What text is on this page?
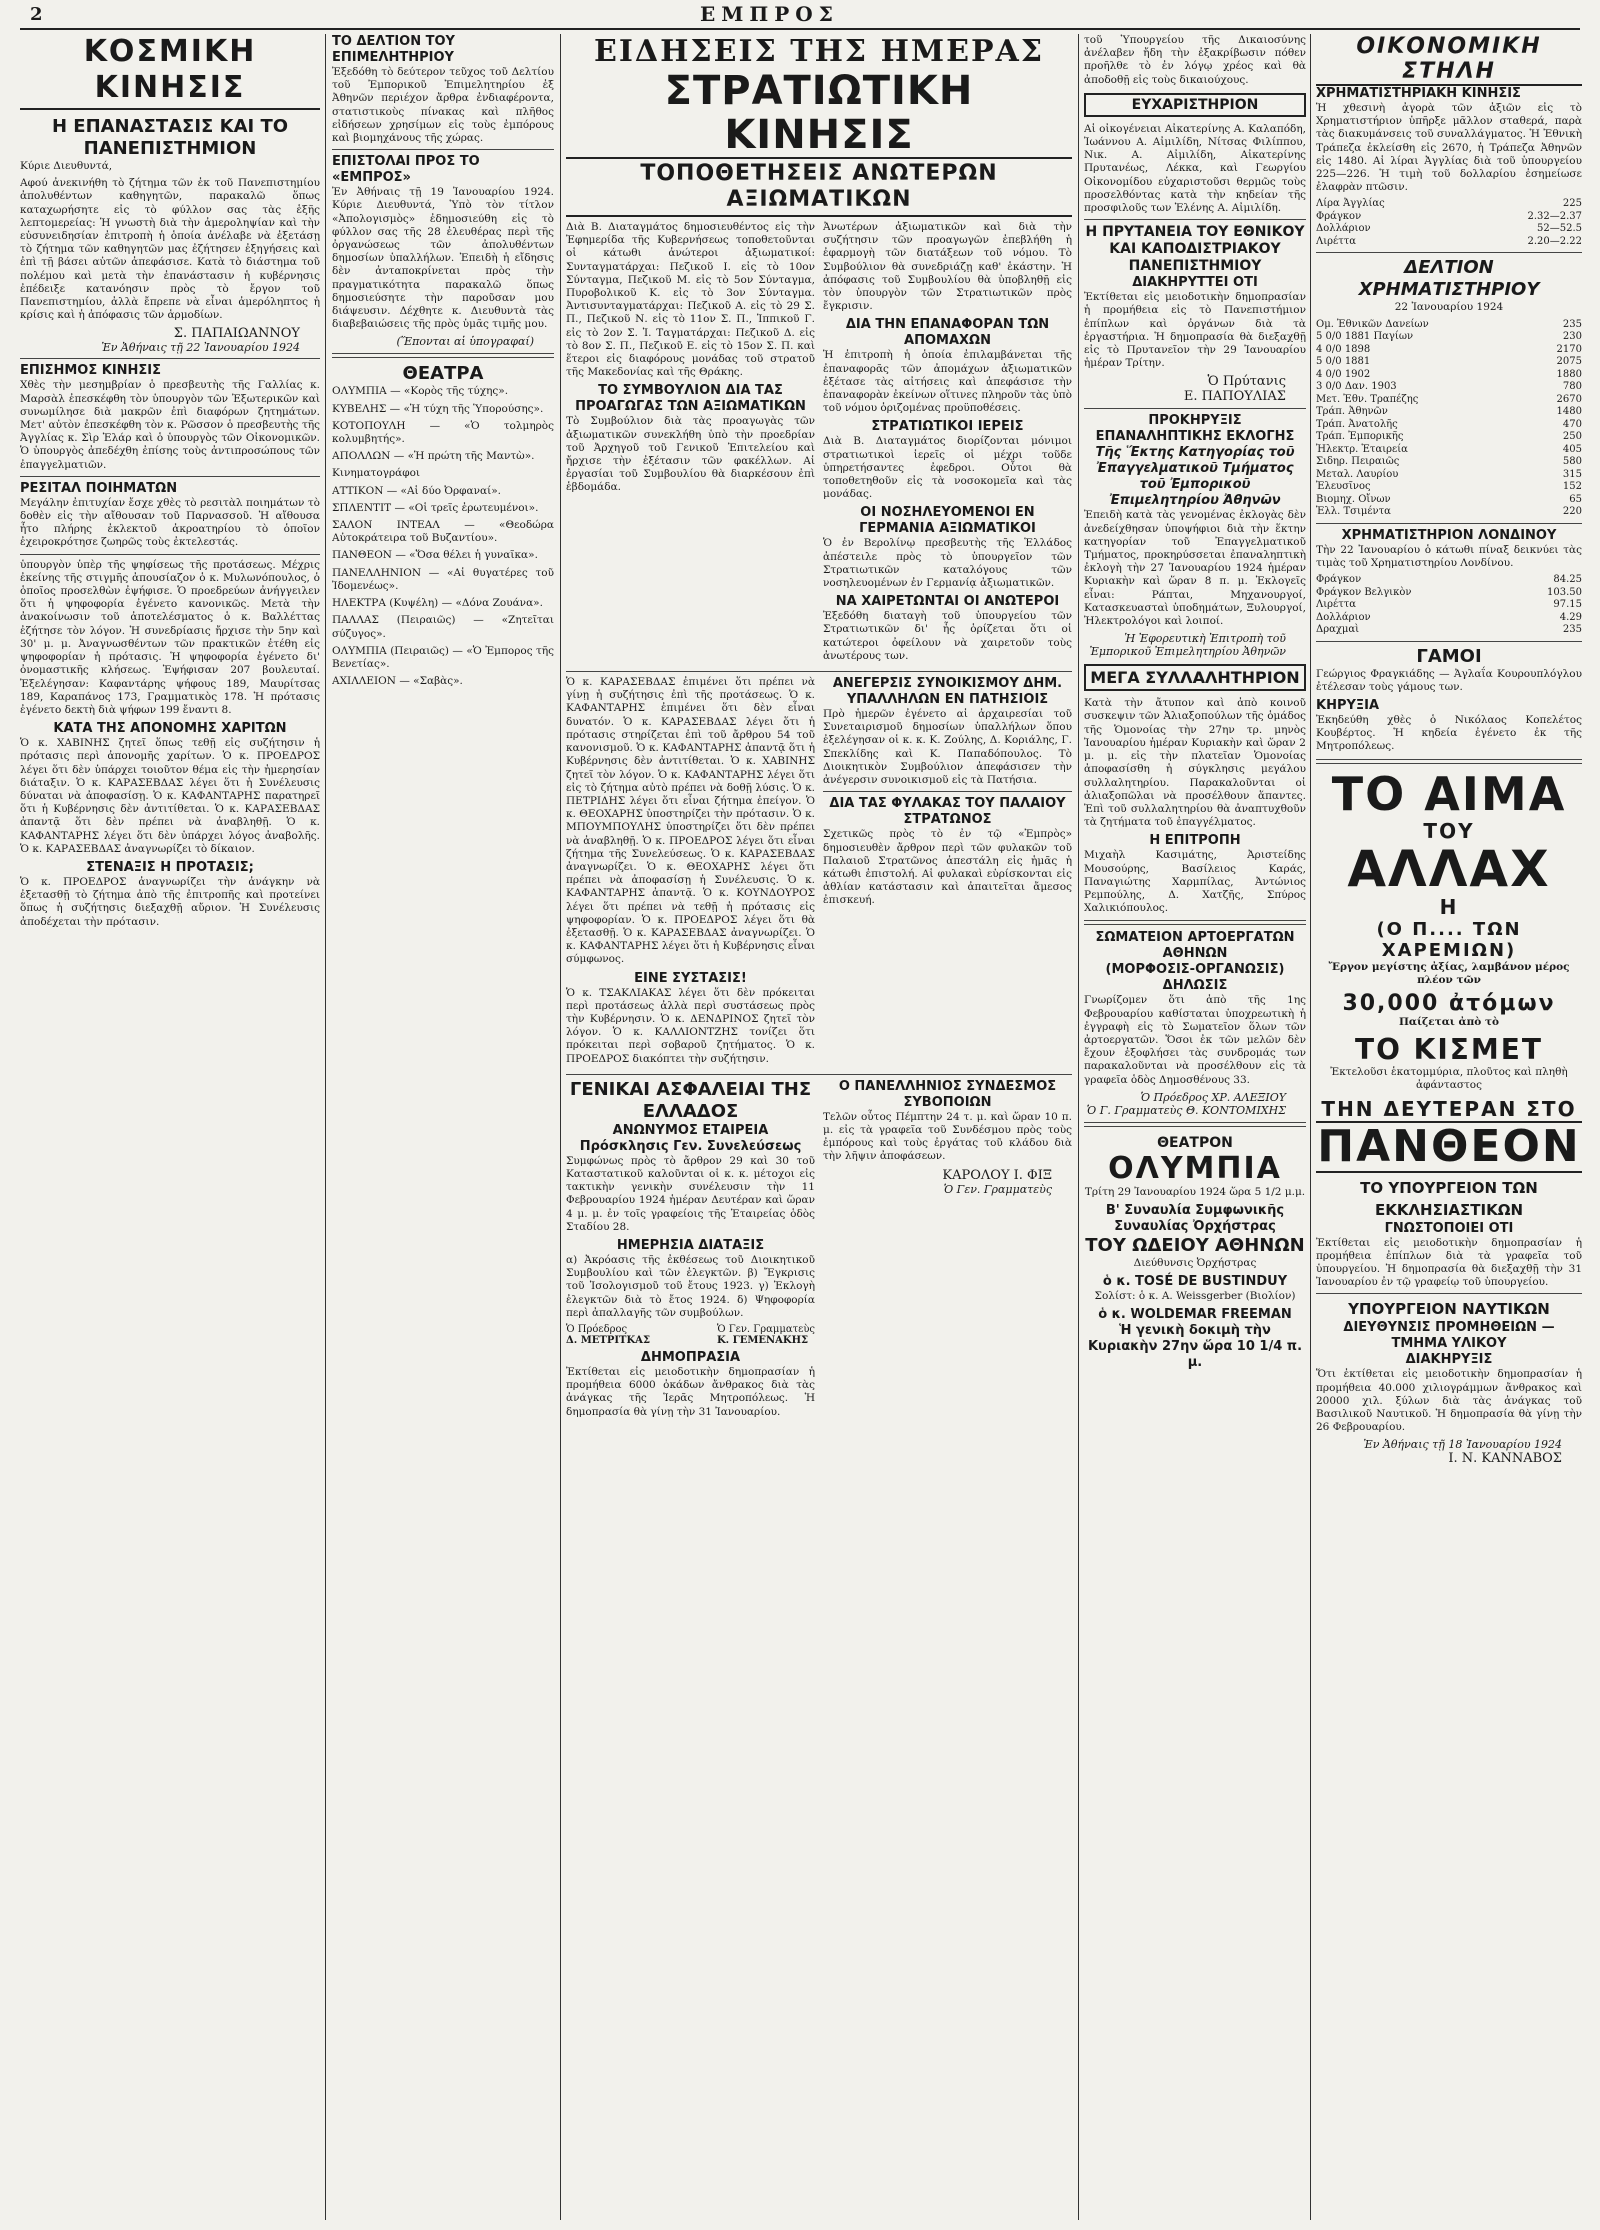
2	ΕΜΠΡΟΣ
ΚΟΣΜΙΚΗ ΚΙΝΗΣΙΣ
Η ΕΠΑΝΑΣΤΑΣΙΣ ΚΑΙ ΤΟ ΠΑΝΕΠΙΣΤΗΜΙΟΝ

Κύριε Διευθυντά,

Αφού ἀνεκινήθη τὸ ζήτημα τῶν ἐκ τοῦ Πανεπιστημίου ἀπολυθέντων καθηγητῶν, παρακαλῶ ὅπως καταχωρήσητε εἰς τὸ φύλλον σας τὰς ἑξῆς λεπτομερείας: Ἡ γνωστὴ διὰ τὴν ἀμεροληψίαν καὶ τὴν εὐσυνειδησίαν ἐπιτροπὴ ἡ ὁποία ἀνέλαβε νὰ ἐξετάσῃ τὸ ζήτημα τῶν καθηγητῶν μας ἐζήτησεν ἐξηγήσεις καὶ ἐπὶ τῇ βάσει αὐτῶν ἀπεφάσισε. Κατὰ τὸ διάστημα τοῦ πολέμου καὶ μετὰ τὴν ἐπανάστασιν ἡ κυβέρνησις ἐπέδειξε κατανόησιν πρὸς τὸ ἔργον τοῦ Πανεπιστημίου, ἀλλὰ ἔπρεπε νὰ εἶναι ἀμερόληπτος ἡ κρίσις καὶ ἡ ἀπόφασις τῶν ἁρμοδίων.

Σ. ΠΑΠΑΙΩΑΝΝΟΥ
Ἐν Ἀθήναις τῇ 22 Ἰανουαρίου 1924
ΕΠΙΣΗΜΟΣ ΚΙΝΗΣΙΣ

Χθὲς τὴν μεσημβρίαν ὁ πρεσβευτὴς τῆς Γαλλίας κ. Μαρσὰλ ἐπεσκέφθη τὸν ὑπουργὸν τῶν Ἐξωτερικῶν καὶ συνωμίλησε διὰ μακρῶν ἐπὶ διαφόρων ζητημάτων. Μετ' αὐτὸν ἐπεσκέφθη τὸν κ. Ρῶσσον ὁ πρεσβευτὴς τῆς Ἀγγλίας κ. Σὶρ Ἑλάρ καὶ ὁ ὑπουργὸς τῶν Οἰκονομικῶν. Ὁ ὑπουργὸς ἀπεδέχθη ἐπίσης τοὺς ἀντιπροσώπους τῶν ἐπαγγελματιῶν.

ΡΕΣΙΤΑΛ ΠΟΙΗΜΑΤΩΝ

Μεγάλην ἐπιτυχίαν ἔσχε χθὲς τὸ ρεσιτὰλ ποιημάτων τὸ δοθὲν εἰς τὴν αἴθουσαν τοῦ Παρνασσοῦ. Ἡ αἴθουσα ἦτο πλήρης ἐκλεκτοῦ ἀκροατηρίου τὸ ὁποῖον ἐχειροκρότησε ζωηρῶς τοὺς ἐκτελεστάς.

ὑπουργὸν ὑπὲρ τῆς ψηφίσεως τῆς προτάσεως. Μέχρις ἐκείνης τῆς στιγμῆς ἀπουσίαζον ὁ κ. Μυλωνόπουλος, ὁ ὁποῖος προσελθὼν ἐψήφισε. Ὁ προεδρεύων ἀνήγγειλεν ὅτι ἡ ψηφοφορία ἐγένετο κανονικῶς. Μετὰ τὴν ἀνακοίνωσιν τοῦ ἀποτελέσματος ὁ κ. Βαλλέττας ἐζήτησε τὸν λόγον. Ἡ συνεδρίασις ἤρχισε τὴν 5ην καὶ 30' μ. μ. Ἀναγνωσθέντων τῶν πρακτικῶν ἐτέθη εἰς ψηφοφορίαν ἡ πρότασις. Ἡ ψηφοφορία ἐγένετο δι' ὀνομαστικῆς κλήσεως. Ἐψήφισαν 207 βουλευταί. Ἐξελέγησαν: Καφαντάρης ψήφους 189, Μαυρίτσας 189, Καραπάνος 173, Γραμματικὸς 178. Ἡ πρότασις ἐγένετο δεκτὴ διὰ ψήφων 199 ἔναντι 8.

ΚΑΤΑ ΤΗΣ ΑΠΟΝΟΜΗΣ ΧΑΡΙΤΩΝ

Ὁ κ. ΧΑΒΙΝΗΣ ζητεῖ ὅπως τεθῇ εἰς συζήτησιν ἡ πρότασις περὶ ἀπονομῆς χαρίτων. Ὁ κ. ΠΡΟΕΔΡΟΣ λέγει ὅτι δὲν ὑπάρχει τοιοῦτον θέμα εἰς τὴν ἡμερησίαν διάταξιν. Ὁ κ. ΚΑΡΑΣΕΒΔΑΣ λέγει ὅτι ἡ Συνέλευσις δύναται νὰ ἀποφασίσῃ. Ὁ κ. ΚΑΦΑΝΤΑΡΗΣ παρατηρεῖ ὅτι ἡ Κυβέρνησις δὲν ἀντιτίθεται. Ὁ κ. ΚΑΡΑΣΕΒΔΑΣ ἀπαντᾷ ὅτι δὲν πρέπει νὰ ἀναβληθῇ. Ὁ κ. ΚΑΦΑΝΤΑΡΗΣ λέγει ὅτι δὲν ὑπάρχει λόγος ἀναβολῆς. Ὁ κ. ΚΑΡΑΣΕΒΔΑΣ ἀναγνωρίζει τὸ δίκαιον.

ΣΤΕΝΑΞΙΣ Η ΠΡΟΤΑΣΙΣ;

Ὁ κ. ΠΡΟΕΔΡΟΣ ἀναγνωρίζει τὴν ἀνάγκην νὰ ἐξετασθῇ τὸ ζήτημα ἀπὸ τῆς ἐπιτροπῆς καὶ προτείνει ὅπως ἡ συζήτησις διεξαχθῇ αὔριον. Ἡ Συνέλευσις ἀποδέχεται τὴν πρότασιν.

ΤΟ ΔΕΛΤΙΟΝ ΤΟΥ ΕΠΙΜΕΛΗΤΗΡΙΟΥ

Ἐξεδόθη τὸ δεύτερον τεῦχος τοῦ Δελτίου τοῦ Ἐμπορικοῦ Ἐπιμελητηρίου ἐξ Ἀθηνῶν περιέχον ἄρθρα ἐνδιαφέροντα, στατιστικοὺς πίνακας καὶ πλῆθος εἰδήσεων χρησίμων εἰς τοὺς ἐμπόρους καὶ βιομηχάνους τῆς χώρας.

ΕΠΙΣΤΟΛΑΙ ΠΡΟΣ ΤΟ «ΕΜΠΡΟΣ»

Ἐν Ἀθήναις τῇ 19 Ἰανουαρίου 1924. Κύριε Διευθυντά, Ὑπὸ τὸν τίτλον «Ἀπολογισμὸς» ἐδημοσιεύθη εἰς τὸ φύλλον σας τῆς 28 ἐλευθέρας περὶ τῆς ὀργανώσεως τῶν ἀπολυθέντων δημοσίων ὑπαλλήλων. Ἐπειδὴ ἡ εἴδησις δὲν ἀνταποκρίνεται πρὸς τὴν πραγματικότητα παρακαλῶ ὅπως δημοσιεύσητε τὴν παροῦσαν μου διάψευσιν. Δέχθητε κ. Διευθυντὰ τὰς διαβεβαιώσεις τῆς πρὸς ὑμᾶς τιμῆς μου.

(Ἕπονται αἱ ὑπογραφαί)
ΘΕΑΤΡΑ
ΟΛΥΜΠΙΑ — «Κορὸς τῆς τύχης».
ΚΥΒΕΛΗΣ — «Ἡ τύχη τῆς Ὑπορούσης».
ΚΟΤΟΠΟΥΛΗ — «Ὁ τολμηρὸς κολυμβητής».
ΑΠΟΛΛΩΝ — «Ἡ πρώτη τῆς Μαντὼ».
Κινηματογράφοι
ΑΤΤΙΚΟΝ — «Αἱ δύο Ὀρφαναί».
ΣΠΛΕΝΤΙΤ — «Οἱ τρεῖς ἐρωτευμένοι».
ΣΑΛΟΝ ΙΝΤΕΑΛ — «Θεοδώρα Αὐτοκράτειρα τοῦ Βυζαντίου».
ΠΑΝΘΕΟΝ — «Ὅσα θέλει ἡ γυναῖκα».
ΠΑΝΕΛΛΗΝΙΟΝ — «Αἱ θυγατέρες τοῦ Ἰδομενέως».
ΗΛΕΚΤΡΑ (Κυψέλη) — «Δόνα Ζουάνα».
ΠΑΛΛΑΣ (Πειραιῶς) — «Ζητεῖται σύζυγος».
ΟΛΥΜΠΙΑ (Πειραιῶς) — «Ὁ Ἐμπορος τῆς Βενετίας».
ΑΧΙΛΛΕΙΟΝ — «Σαβὰς».
ΕΙΔΗΣΕΙΣ ΤΗΣ ΗΜΕΡΑΣ
ΣΤΡΑΤΙΩΤΙΚΗ ΚΙΝΗΣΙΣ
ΤΟΠΟΘΕΤΗΣΕΙΣ ΑΝΩΤΕΡΩΝ ΑΞΙΩΜΑΤΙΚΩΝ

Διὰ Β. Διαταγμάτος δημοσιευθέντος εἰς τὴν Ἐφημερίδα τῆς Κυβερνήσεως τοποθετοῦνται οἱ κάτωθι ἀνώτεροι ἀξιωματικοί: Συνταγματάρχαι: Πεζικοῦ Ι. εἰς τὸ 10ον Σύνταγμα, Πεζικοῦ Μ. εἰς τὸ 5ον Σύνταγμα, Πυροβολικοῦ Κ. εἰς τὸ 3ον Σύνταγμα. Ἀντισυνταγματάρχαι: Πεζικοῦ Α. εἰς τὸ 29 Σ. Π., Πεζικοῦ Ν. εἰς τὸ 11ον Σ. Π., Ἱππικοῦ Γ. εἰς τὸ 2ον Σ. Ἱ. Ταγματάρχαι: Πεζικοῦ Δ. εἰς τὸ 8ον Σ. Π., Πεζικοῦ Ε. εἰς τὸ 15ον Σ. Π. καὶ ἕτεροι εἰς διαφόρους μονάδας τοῦ στρατοῦ τῆς Μακεδονίας καὶ τῆς Θράκης.

ΤΟ ΣΥΜΒΟΥΛΙΟΝ ΔΙΑ ΤΑΣ ΠΡΟΑΓΩΓΑΣ ΤΩΝ ΑΞΙΩΜΑΤΙΚΩΝ

Τὸ Συμβούλιον διὰ τὰς προαγωγὰς τῶν ἀξιωματικῶν συνεκλήθη ὑπὸ τὴν προεδρίαν τοῦ Ἀρχηγοῦ τοῦ Γενικοῦ Ἐπιτελείου καὶ ἤρχισε τὴν ἐξέτασιν τῶν φακέλλων. Αἱ ἐργασίαι τοῦ Συμβουλίου θὰ διαρκέσουν ἐπὶ ἑβδομάδα.

Ἀνωτέρων ἀξιωματικῶν καὶ διὰ τὴν συζήτησιν τῶν προαγωγῶν ἐπεβλήθη ἡ ἐφαρμογὴ τῶν διατάξεων τοῦ νόμου. Τὸ Συμβούλιον θὰ συνεδριάζῃ καθ' ἑκάστην. Ἡ ἀπόφασις τοῦ Συμβουλίου θὰ ὑποβληθῇ εἰς τὸν ὑπουργὸν τῶν Στρατιωτικῶν πρὸς ἔγκρισιν.

ΔΙΑ ΤΗΝ ΕΠΑΝΑΦΟΡΑΝ ΤΩΝ ΑΠΟΜΑΧΩΝ

Ἡ ἐπιτροπὴ ἡ ὁποία ἐπιλαμβάνεται τῆς ἐπαναφορᾶς τῶν ἀπομάχων ἀξιωματικῶν ἐξέτασε τὰς αἰτήσεις καὶ ἀπεφάσισε τὴν ἐπαναφορὰν ἐκείνων οἵτινες πληροῦν τὰς ὑπὸ τοῦ νόμου ὁριζομένας προϋποθέσεις.

ΣΤΡΑΤΙΩΤΙΚΟΙ ΙΕΡΕΙΣ

Διὰ Β. Διαταγμάτος διορίζονται μόνιμοι στρατιωτικοὶ ἱερεῖς οἱ μέχρι τοῦδε ὑπηρετήσαντες ἐφεδροι. Οὗτοι θὰ τοποθετηθοῦν εἰς τὰ νοσοκομεῖα καὶ τὰς μονάδας.

ΟΙ ΝΟΣΗΛΕΥΟΜΕΝΟΙ ΕΝ ΓΕΡΜΑΝΙΑ ΑΞΙΩΜΑΤΙΚΟΙ

Ὁ ἐν Βερολίνῳ πρεσβευτὴς τῆς Ἑλλάδος ἀπέστειλε πρὸς τὸ ὑπουργεῖον τῶν Στρατιωτικῶν καταλόγους τῶν νοσηλευομένων ἐν Γερμανίᾳ ἀξιωματικῶν.

ΝΑ ΧΑΙΡΕΤΩΝΤΑΙ ΟΙ ΑΝΩΤΕΡΟΙ

Ἐξεδόθη διαταγὴ τοῦ ὑπουργείου τῶν Στρατιωτικῶν δι' ἧς ὁρίζεται ὅτι οἱ κατώτεροι ὀφείλουν νὰ χαιρετοῦν τοὺς ἀνωτέρους των.

Ὁ κ. ΚΑΡΑΣΕΒΔΑΣ ἐπιμένει ὅτι πρέπει νὰ γίνῃ ἡ συζήτησις ἐπὶ τῆς προτάσεως. Ὁ κ. ΚΑΦΑΝΤΑΡΗΣ ἐπιμένει ὅτι δὲν εἶναι δυνατόν. Ὁ κ. ΚΑΡΑΣΕΒΔΑΣ λέγει ὅτι ἡ πρότασις στηρίζεται ἐπὶ τοῦ ἄρθρου 54 τοῦ κανονισμοῦ. Ὁ κ. ΚΑΦΑΝΤΑΡΗΣ ἀπαντᾷ ὅτι ἡ Κυβέρνησις δὲν ἀντιτίθεται. Ὁ κ. ΧΑΒΙΝΗΣ ζητεῖ τὸν λόγον. Ὁ κ. ΚΑΦΑΝΤΑΡΗΣ λέγει ὅτι εἰς τὸ ζήτημα αὐτὸ πρέπει νὰ δοθῇ λύσις. Ὁ κ. ΠΕΤΡΙΔΗΣ λέγει ὅτι εἶναι ζήτημα ἐπείγον. Ὁ κ. ΘΕΟΧΑΡΗΣ ὑποστηρίζει τὴν πρότασιν. Ὁ κ. ΜΠΟΥΜΠΟΥΛΗΣ ὑποστηρίζει ὅτι δὲν πρέπει νὰ ἀναβληθῇ. Ὁ κ. ΠΡΟΕΔΡΟΣ λέγει ὅτι εἶναι ζήτημα τῆς Συνελεύσεως. Ὁ κ. ΚΑΡΑΣΕΒΔΑΣ ἀναγνωρίζει. Ὁ κ. ΘΕΟΧΑΡΗΣ λέγει ὅτι πρέπει νὰ ἀποφασίσῃ ἡ Συνέλευσις. Ὁ κ. ΚΑΦΑΝΤΑΡΗΣ ἀπαντᾷ. Ὁ κ. ΚΟΥΝΔΟΥΡΟΣ λέγει ὅτι πρέπει νὰ τεθῇ ἡ πρότασις εἰς ψηφοφορίαν. Ὁ κ. ΠΡΟΕΔΡΟΣ λέγει ὅτι θὰ ἐξετασθῇ. Ὁ κ. ΚΑΡΑΣΕΒΔΑΣ ἀναγνωρίζει. Ὁ κ. ΚΑΦΑΝΤΑΡΗΣ λέγει ὅτι ἡ Κυβέρνησις εἶναι σύμφωνος.

ΕΙΝΕ ΣΥΣΤΑΣΙΣ!

Ὁ κ. ΤΣΑΚΛΙΑΚΑΣ λέγει ὅτι δὲν πρόκειται περὶ προτάσεως ἀλλὰ περὶ συστάσεως πρὸς τὴν Κυβέρνησιν. Ὁ κ. ΔΕΝΔΡΙΝΟΣ ζητεῖ τὸν λόγον. Ὁ κ. ΚΑΛΛΙΟΝΤΖΗΣ τονίζει ὅτι πρόκειται περὶ σοβαροῦ ζητήματος. Ὁ κ. ΠΡΟΕΔΡΟΣ διακόπτει τὴν συζήτησιν.

ΑΝΕΓΕΡΣΙΣ ΣΥΝΟΙΚΙΣΜΟΥ ΔΗΜ. ΥΠΑΛΛΗΛΩΝ ΕΝ ΠΑΤΗΣΙΟΙΣ

Πρὸ ἡμερῶν ἐγένετο αἱ ἀρχαιρεσίαι τοῦ Συνεταιρισμοῦ δημοσίων ὑπαλλήλων ὅπου ἐξελέγησαν οἱ κ. κ. Κ. Ζούλης, Δ. Κοριάλης, Γ. Σπεκλίδης καὶ Κ. Παπαδόπουλος. Τὸ Διοικητικὸν Συμβούλιον ἀπεφάσισεν τὴν ἀνέγερσιν συνοικισμοῦ εἰς τὰ Πατήσια.

ΔΙΑ ΤΑΣ ΦΥΛΑΚΑΣ ΤΟΥ ΠΑΛΑΙΟΥ ΣΤΡΑΤΩΝΟΣ

Σχετικῶς πρὸς τὸ ἐν τῷ «Ἐμπρὸς» δημοσιευθὲν ἄρθρον περὶ τῶν φυλακῶν τοῦ Παλαιοῦ Στρατῶνος ἀπεστάλη εἰς ἡμᾶς ἡ κάτωθι ἐπιστολή. Αἱ φυλακαὶ εὑρίσκονται εἰς ἀθλίαν κατάστασιν καὶ ἀπαιτεῖται ἄμεσος ἐπισκευή.

ΓΕΝΙΚΑΙ ΑΣΦΑΛΕΙΑΙ ΤΗΣ ΕΛΛΑΔΟΣ
ΑΝΩΝΥΜΟΣ ΕΤΑΙΡΕΙΑ
Πρόσκλησις Γεν. Συνελεύσεως

Συμφώνως πρὸς τὸ ἄρθρον 29 καὶ 30 τοῦ Καταστατικοῦ καλοῦνται οἱ κ. κ. μέτοχοι εἰς τακτικὴν γενικὴν συνέλευσιν τὴν 11 Φεβρουαρίου 1924 ἡμέραν Δευτέραν καὶ ὥραν 4 μ. μ. ἐν τοῖς γραφείοις τῆς Ἑταιρείας ὁδὸς Σταδίου 28.

ΗΜΕΡΗΣΙΑ ΔΙΑΤΑΞΙΣ

α) Ἀκρόασις τῆς ἐκθέσεως τοῦ Διοικητικοῦ Συμβουλίου καὶ τῶν ἐλεγκτῶν. β) Ἔγκρισις τοῦ Ἰσολογισμοῦ τοῦ ἔτους 1923. γ) Ἐκλογὴ ἐλεγκτῶν διὰ τὸ ἔτος 1924. δ) Ψηφοφορία περὶ ἀπαλλαγῆς τῶν συμβούλων.

Ὁ Πρόεδρος
Δ. ΜΕΤΡΙΤΚΑΣ
Ὁ Γεν. Γραμματεὺς
Κ. ΓΕΜΕΝΑΚΗΣ
ΔΗΜΟΠΡΑΣΙΑ

Ἐκτίθεται εἰς μειοδοτικὴν δημοπρασίαν ἡ προμήθεια 6000 ὀκάδων ἄνθρακος διὰ τὰς ἀνάγκας τῆς Ἱερᾶς Μητροπόλεως. Ἡ δημοπρασία θὰ γίνῃ τὴν 31 Ἰανουαρίου.

Ο ΠΑΝΕΛΛΗΝΙΟΣ ΣΥΝΔΕΣΜΟΣ ΣΥΒΟΠΟΙΩΝ

Τελῶν οὗτος Πέμπτην 24 τ. μ. καὶ ὥραν 10 π. μ. εἰς τὰ γραφεῖα τοῦ Συνδέσμου πρὸς τοὺς ἐμπόρους καὶ τοὺς ἐργάτας τοῦ κλάδου διὰ τὴν λῆψιν ἀποφάσεων.

ΚΑΡΟΛΟΥ Ι. ΦΙΞ
Ὁ Γεν. Γραμματεὺς

τοῦ Ὑπουργείου τῆς Δικαιοσύνης ἀνέλαβεν ἤδη τὴν ἐξακρίβωσιν πόθεν προῆλθε τὸ ἐν λόγῳ χρέος καὶ θὰ ἀποδοθῇ εἰς τοὺς δικαιούχους.

ΕΥΧΑΡΙΣΤΗΡΙΟΝ

Αἱ οἰκογένειαι Αἰκατερίνης Α. Καλαπόδη, Ἰωάννου Α. Αἰμιλίδη, Νίτσας Φιλίππου, Νικ. Α. Αἰμιλίδη, Αἰκατερίνης Πρυτανέως, Λέκκα, καὶ Γεωργίου Οἰκονομίδου εὐχαριστοῦσι θερμῶς τοὺς προσελθόντας κατὰ τὴν κηδείαν τῆς προσφιλοῦς των Ἑλένης Α. Αἰμιλίδη.

Η ΠΡΥΤΑΝΕΙΑ ΤΟΥ ΕΘΝΙΚΟΥ ΚΑΙ ΚΑΠΟΔΙΣΤΡΙΑΚΟΥ ΠΑΝΕΠΙΣΤΗΜΙΟΥ
ΔΙΑΚΗΡΥΤΤΕΙ ΟΤΙ

Ἐκτίθεται εἰς μειοδοτικὴν δημοπρασίαν ἡ προμήθεια εἰς τὸ Πανεπιστήμιον ἐπίπλων καὶ ὀργάνων διὰ τὰ ἐργαστήρια. Ἡ δημοπρασία θὰ διεξαχθῇ εἰς τὸ Πρυτανεῖον τὴν 29 Ἰανουαρίου ἡμέραν Τρίτην.

Ὁ Πρύτανις
Ε. ΠΑΠΟΥΛΙΑΣ
ΠΡΟΚΗΡΥΞΙΣ ΕΠΑΝΑΛΗΠΤΙΚΗΣ ΕΚΛΟΓΗΣ
Τῆς Ἕκτης Κατηγορίας τοῦ Ἐπαγγελματικοῦ Τμήματος τοῦ Ἐμπορικοῦ Ἐπιμελητηρίου Ἀθηνῶν

Ἐπειδὴ κατὰ τὰς γενομένας ἐκλογὰς δὲν ἀνεδείχθησαν ὑποψήφιοι διὰ τὴν ἕκτην κατηγορίαν τοῦ Ἐπαγγελματικοῦ Τμήματος, προκηρύσσεται ἐπαναληπτικὴ ἐκλογὴ τὴν 27 Ἰανουαρίου 1924 ἡμέραν Κυριακὴν καὶ ὥραν 8 π. μ. Ἐκλογεῖς εἶναι: Ράπται, Μηχανουργοί, Κατασκευασταὶ ὑποδημάτων, Ξυλουργοί, Ἠλεκτρολόγοι καὶ λοιποί.

Ἡ Ἐφορευτικὴ Ἐπιτροπὴ τοῦ Ἐμπορικοῦ Ἐπιμελητηρίου Ἀθηνῶν
ΜΕΓΑ ΣΥΛΛΑΛΗΤΗΡΙΟΝ

Κατὰ τὴν ἄτυπον καὶ ἀπὸ κοινοῦ συσκεψιν τῶν Ἀλιαξοπούλων τῆς ὁμάδος τῆς Ὁμονοίας τὴν 27ην τρ. μηνὸς Ἰανουαρίου ἡμέραν Κυριακὴν καὶ ὥραν 2 μ. μ. εἰς τὴν πλατεῖαν Ὁμονοίας ἀποφασίσθη ἡ σύγκλησις μεγάλου συλλαλητηρίου. Παρακαλοῦνται οἱ ἀλιαξοπῶλαι νὰ προσέλθουν ἅπαντες. Ἐπὶ τοῦ συλλαλητηρίου θὰ ἀναπτυχθοῦν τὰ ζητήματα τοῦ ἐπαγγέλματος.

Η ΕΠΙΤΡΟΠΗ

Μιχαὴλ Κασιμάτης, Ἀριστείδης Μουσούρης, Βασίλειος Καράς, Παναγιώτης Χαρμπίλας, Ἀντώνιος Ρεμπούλης, Δ. Χατζῆς, Σπύρος Χαλικιόπουλος.

ΣΩΜΑΤΕΙΟΝ ΑΡΤΟΕΡΓΑΤΩΝ ΑΘΗΝΩΝ
(ΜΟΡΦΟΣΙΣ-ΟΡΓΑΝΩΣΙΣ)
ΔΗΛΩΣΙΣ

Γνωρίζομεν ὅτι ἀπὸ τῆς 1ης Φεβρουαρίου καθίσταται ὑποχρεωτικὴ ἡ ἐγγραφὴ εἰς τὸ Σωματεῖον ὅλων τῶν ἀρτοεργατῶν. Ὅσοι ἐκ τῶν μελῶν δὲν ἔχουν ἐξοφλήσει τὰς συνδρομάς των παρακαλοῦνται νὰ προσέλθουν εἰς τὰ γραφεῖα ὁδὸς Δημοσθένους 33.

Ὁ Πρόεδρος ΧΡ. ΑΛΕΞΙΟΥ
Ὁ Γ. Γραμματεὺς Θ. ΚΟΝΤΟΜΙΧΗΣ
ΘΕΑΤΡΟΝ ΟΛΥΜΠΙΑ
Τρίτη 29 Ἰανουαρίου 1924 ὥρα 5 1/2 μ.μ.
Β' Συναυλία Συμφωνικῆς Συναυλίας Ὀρχήστρας
ΤΟΥ ΩΔΕΙΟΥ ΑΘΗΝΩΝ
Διεύθυνσις Ὀρχήστρας
ὁ κ. TOSÉ DE BUSTINDUY
Σολίστ: ὁ κ. Α. Weissgerber (Βιολίον)
ὁ κ. WOLDEMAR FREEMAN
Ἡ γενικὴ δοκιμὴ τὴν Κυριακὴν 27ην ὥρα 10 1/4 π. μ.
ΟΙΚΟΝΟΜΙΚΗ ΣΤΗΛΗ
ΧΡΗΜΑΤΙΣΤΗΡΙΑΚΗ ΚΙΝΗΣΙΣ

Ἡ χθεσινὴ ἀγορὰ τῶν ἀξιῶν εἰς τὸ Χρηματιστήριον ὑπῆρξε μᾶλλον σταθερά, παρὰ τὰς διακυμάνσεις τοῦ συναλλάγματος. Ἡ Ἐθνικὴ Τράπεζα ἐκλείσθη εἰς 2670, ἡ Τράπεζα Ἀθηνῶν εἰς 1480. Αἱ λίραι Ἀγγλίας διὰ τοῦ ὑπουργείου 225—226. Ἡ τιμὴ τοῦ δολλαρίου ἐσημείωσε ἐλαφρὰν πτῶσιν.

Λίρα Ἀγγλίας	225
Φράγκον	2.32—2.37
Δολλάριον	52—52.5
Λιρέττα	2.20—2.22
ΔΕΛΤΙΟΝ ΧΡΗΜΑΤΙΣΤΗΡΙΟΥ
22 Ἰανουαρίου 1924
Ομ. Ἐθνικῶν Δανείων	235
5 0/0 1881 Παγίων	230
4 0/0 1898	2170
5 0/0 1881	2075
4 0/0 1902	1880
3 0/0 Δαν. 1903	780
Μετ. Ἐθν. Τραπέζης	2670
Τράπ. Ἀθηνῶν	1480
Τράπ. Ἀνατολῆς	470
Τράπ. Ἐμπορικῆς	250
Ἠλεκτρ. Ἑταιρεία	405
Σιδηρ. Πειραιῶς	580
Μεταλ. Λαυρίου	315
Ἐλευσῖνος	152
Βιομηχ. Οἴνων	65
Ἑλλ. Τσιμέντα	220
ΧΡΗΜΑΤΙΣΤΗΡΙΟΝ ΛΟΝΔΙΝΟΥ

Τὴν 22 Ἰανουαρίου ὁ κάτωθι πίναξ δεικνύει τὰς τιμὰς τοῦ Χρηματιστηρίου Λονδίνου.

Φράγκον	84.25
Φράγκον Βελγικὸν	103.50
Λιρέττα	97.15
Δολλάριον	4.29
Δραχμαὶ	235
ΓΑΜΟΙ

Γεώργιος Φραγκιάδης — Ἀγλαΐα Κουρουπλόγλου ἐτέλεσαν τοὺς γάμους των.

ΚΗΡΥΞΙΑ

Ἐκηδεύθη χθὲς ὁ Νικόλαος Κοπελέτος Κουβέρτος. Ἡ κηδεία ἐγένετο ἐκ τῆς Μητροπόλεως.

ΤΟ ΑΙΜΑ
ΤΟΥ
ΑΛΛΑΧ
Η
(Ο Π.... ΤΩΝ ΧΑΡΕΜΙΩΝ)
Ἔργον μεγίστης ἀξίας, λαμβάνον μέρος πλέον τῶν
30,000 ἀτόμων
Παίζεται ἀπὸ τὸ
ΤΟ ΚΙΣΜΕΤ
Ἐκτελοῦσι ἑκατομμύρια, πλοῦτος καὶ πληθὴ ἀφάνταστος
ΤΗΝ ΔΕΥΤΕΡΑΝ ΣΤΟ
ΠΑΝΘΕΟΝ
ΤΟ ΥΠΟΥΡΓΕΙΟΝ ΤΩΝ ΕΚΚΛΗΣΙΑΣΤΙΚΩΝ
ΓΝΩΣΤΟΠΟΙΕΙ ΟΤΙ

Ἐκτίθεται εἰς μειοδοτικὴν δημοπρασίαν ἡ προμήθεια ἐπίπλων διὰ τὰ γραφεῖα τοῦ ὑπουργείου. Ἡ δημοπρασία θὰ διεξαχθῇ τὴν 31 Ἰανουαρίου ἐν τῷ γραφείῳ τοῦ ὑπουργείου.

ΥΠΟΥΡΓΕΙΟΝ ΝΑΥΤΙΚΩΝ
ΔΙΕΥΘΥΝΣΙΣ ΠΡΟΜΗΘΕΙΩΝ — ΤΜΗΜΑ ΥΛΙΚΟΥ
ΔΙΑΚΗΡΥΞΙΣ

Ὅτι ἐκτίθεται εἰς μειοδοτικὴν δημοπρασίαν ἡ προμήθεια 40.000 χιλιογράμμων ἄνθρακος καὶ 20000 χιλ. ξύλων διὰ τὰς ἀνάγκας τοῦ Βασιλικοῦ Ναυτικοῦ. Ἡ δημοπρασία θὰ γίνῃ τὴν 26 Φεβρουαρίου.

Ἐν Ἀθήναις τῇ 18 Ἰανουαρίου 1924
Ι. Ν. ΚΑΝΝΑΒΟΣ
